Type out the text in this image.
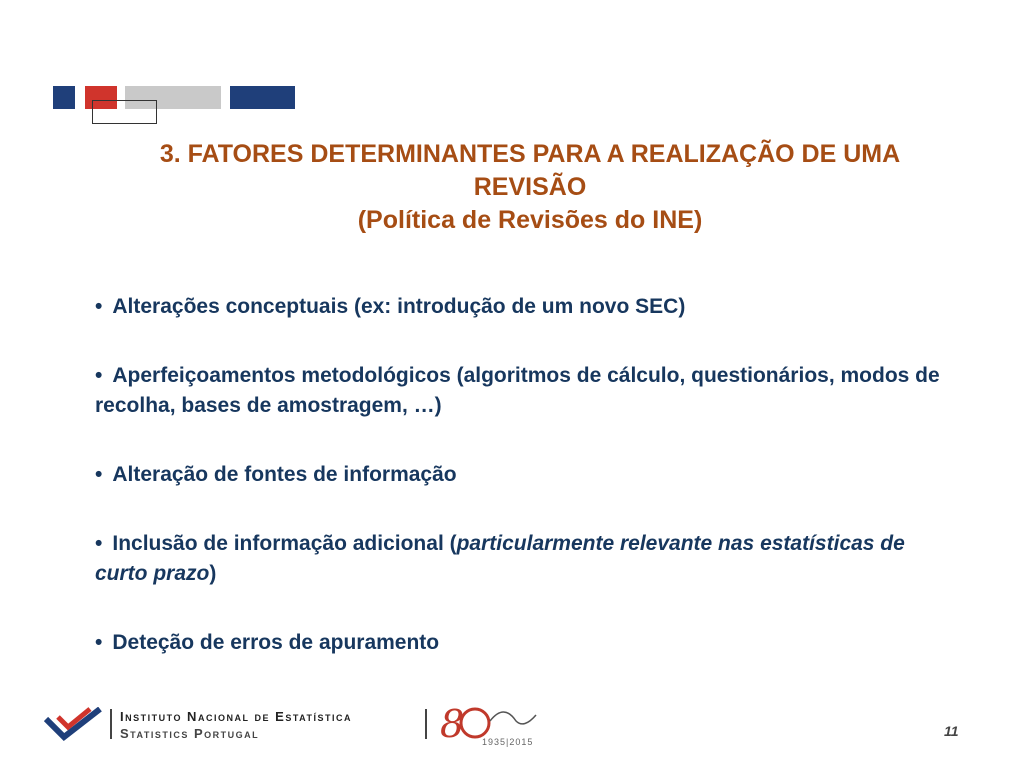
3. FATORES DETERMINANTES PARA A REALIZAÇÃO DE UMA
REVISÃO
(Política de Revisões do INE)
• Alterações conceptuais (ex: introdução de um novo SEC)
• Aperfeiçoamentos metodológicos (algoritmos de cálculo, questionários, modos de recolha, bases de amostragem, …)
• Alteração de fontes de informação
• Inclusão de informação adicional (particularmente relevante nas estatísticas de curto prazo)
• Deteção de erros de apuramento
Instituto Nacional de Estatística
Statistics Portugal	8 1935|2015
11
